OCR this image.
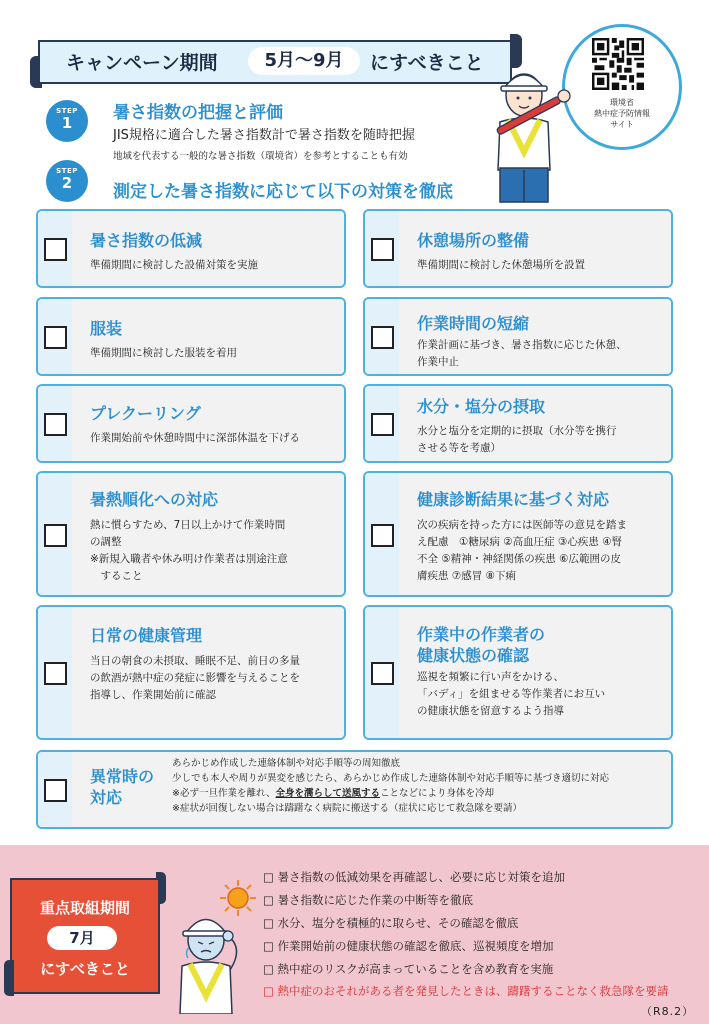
キャンペーン期間	5月〜9月	にすべきこと
環境省
熱中症予防情報
サイト
STEP
1	暑さ指数の把握と評価
JIS規格に適合した暑さ指数計で暑さ指数を随時把握
地域を代表する一般的な暑さ指数（環境省）を参考とすることも有効
STEP
2	測定した暑さ指数に応じて以下の対策を徹底
暑さ指数の低減
準備期間に検討した設備対策を実施
休憩場所の整備
準備期間に検討した休憩場所を設置
服装
準備期間に検討した服装を着用
作業時間の短縮
作業計画に基づき、暑さ指数に応じた休憩、
作業中止
プレクーリング
作業開始前や休憩時間中に深部体温を下げる
水分・塩分の摂取
水分と塩分を定期的に摂取（水分等を携行
させる等を考慮）
暑熱順化への対応
熱に慣らすため、7日以上かけて作業時間
の調整
※新規入職者や休み明け作業者は別途注意
　すること
健康診断結果に基づく対応
次の疾病を持った方には医師等の意見を踏ま
え配慮　①糖尿病 ②高血圧症 ③心疾患 ④腎
不全 ⑤精神・神経関係の疾患 ⑥広範囲の皮
膚疾患 ⑦感冒 ⑧下痢
日常の健康管理
当日の朝食の未摂取、睡眠不足、前日の多量
の飲酒が熱中症の発症に影響を与えることを
指導し、作業開始前に確認
作業中の作業者の
健康状態の確認
巡視を頻繁に行い声をかける、
「バディ」を組ませる等作業者にお互い
の健康状態を留意するよう指導
異常時の
対応
あらかじめ作成した連絡体制や対応手順等の周知徹底
少しでも本人や周りが異変を感じたら、あらかじめ作成した連絡体制や対応手順等に基づき適切に対応
※必ず一旦作業を離れ、全身を濡らして送風することなどにより身体を冷却
※症状が回復しない場合は躊躇なく病院に搬送する（症状に応じて救急隊を要請）
重点取組期間
7月
にすべきこと
□ 暑さ指数の低減効果を再確認し、必要に応じ対策を追加
□ 暑さ指数に応じた作業の中断等を徹底
□ 水分、塩分を積極的に取らせ、その確認を徹底
□ 作業開始前の健康状態の確認を徹底、巡視頻度を増加
□ 熱中症のリスクが高まっていることを含め教育を実施
□ 熱中症のおそれがある者を発見したときは、躊躇することなく救急隊を要請
（R8.2）
